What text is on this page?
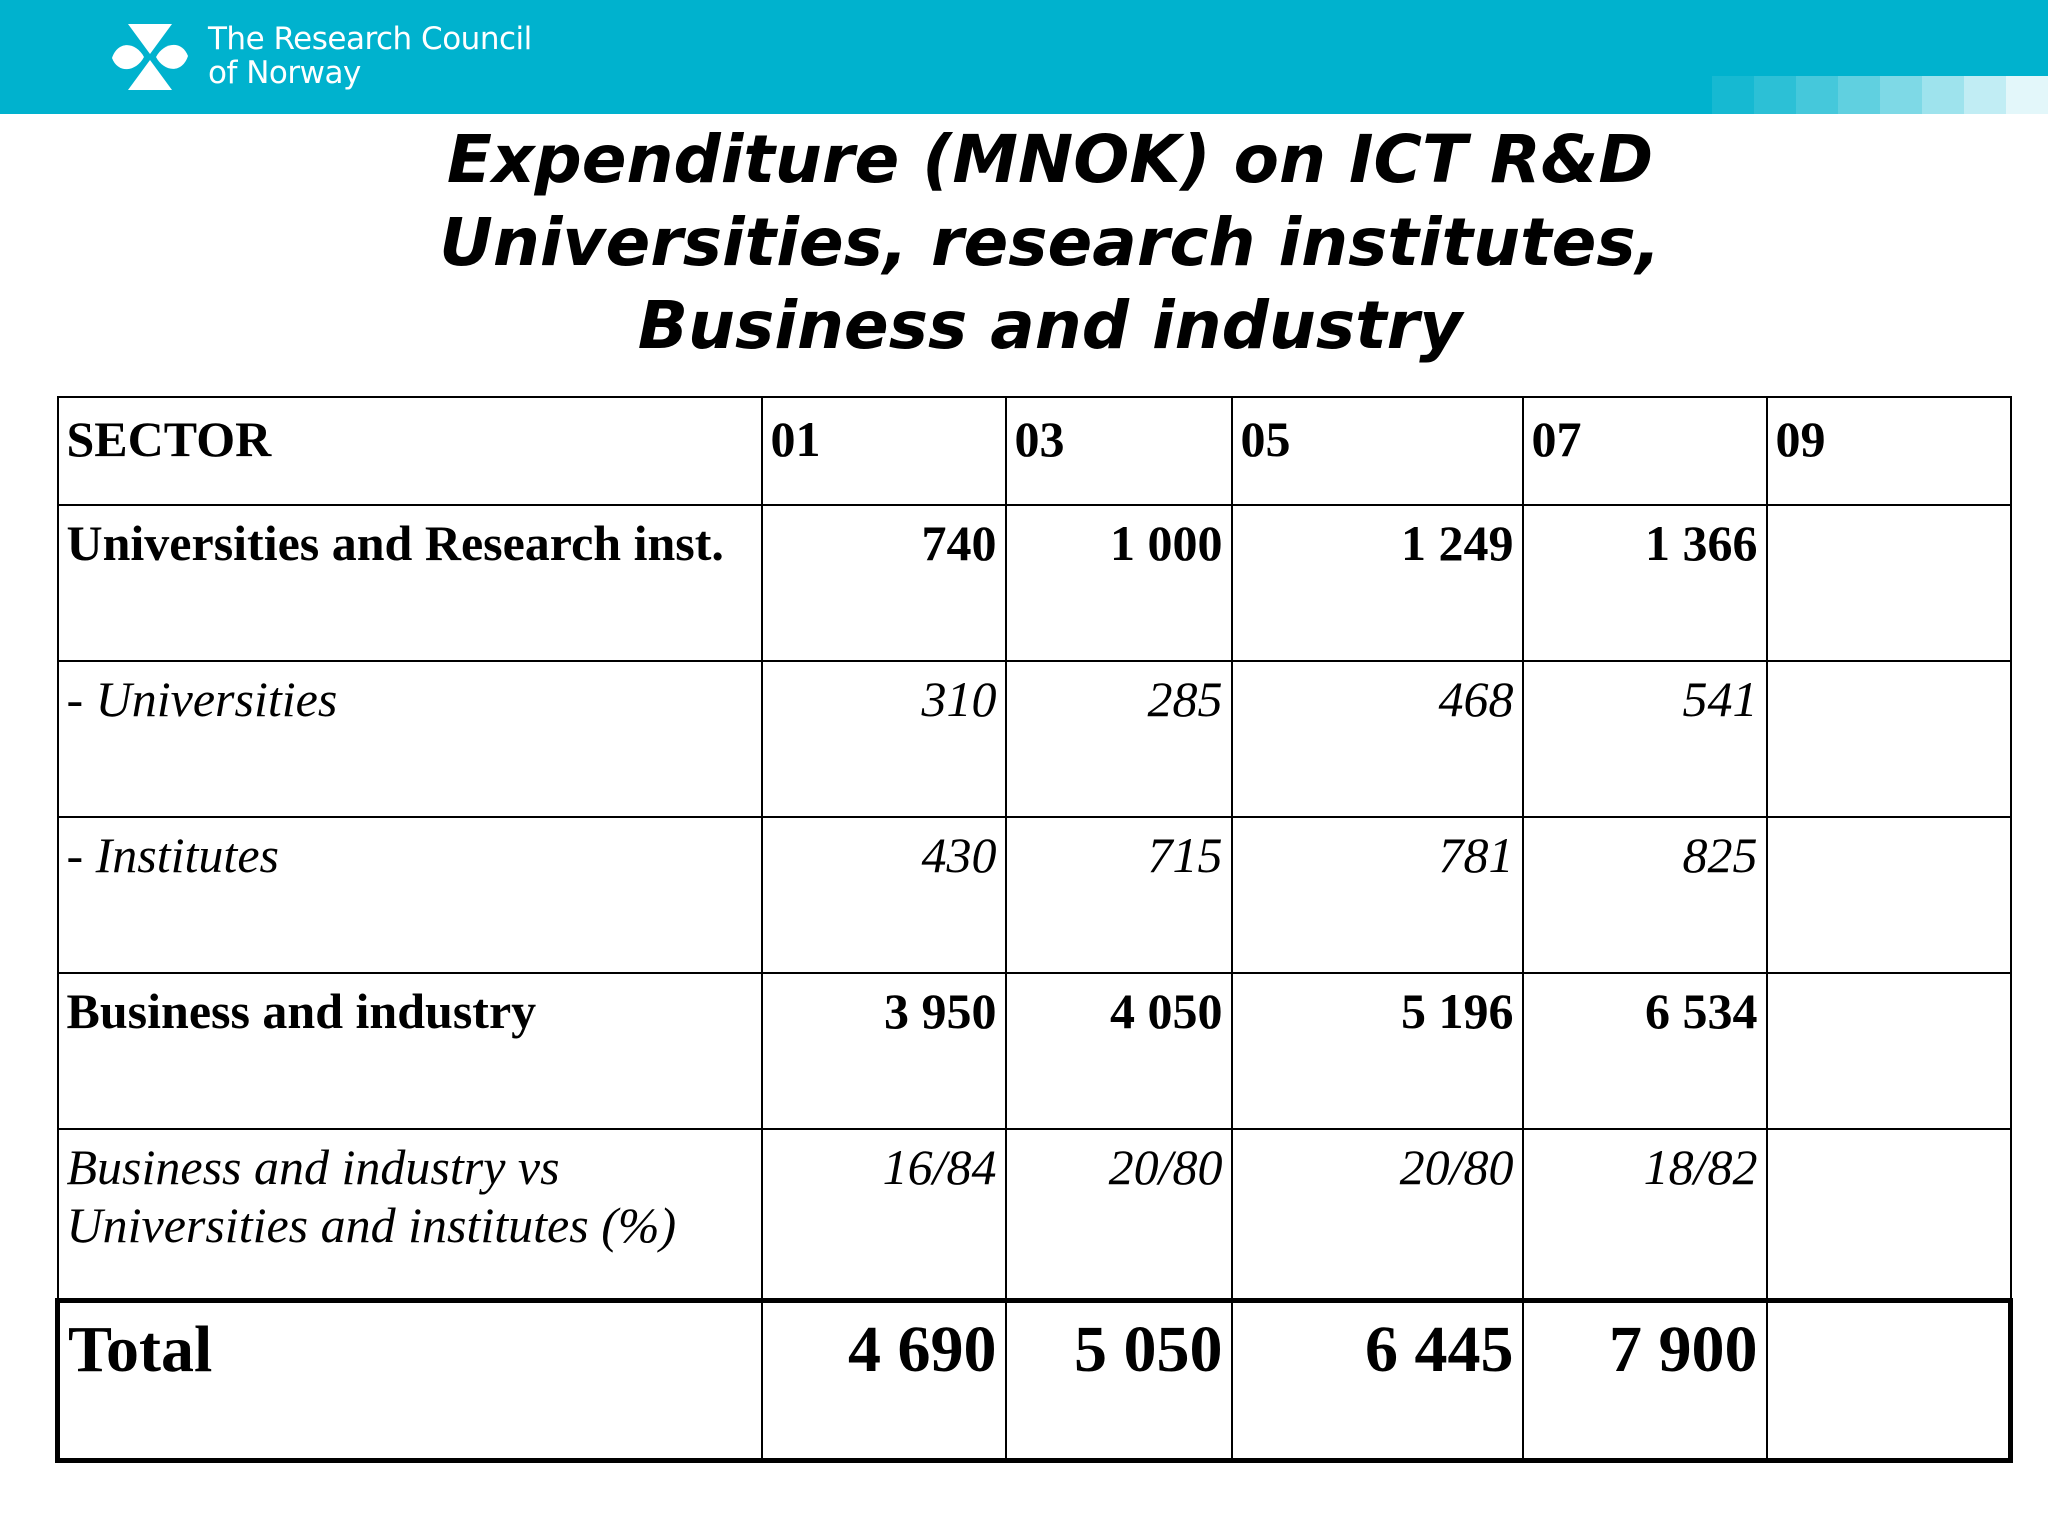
The Research Council
of Norway
Expenditure (MNOK) on ICT R&D
Universities, research institutes,
Business and industry
SECTOR	01	03	05	07	09
Universities and Research inst.	740	1 000	1 249	1 366	
- Universities	310	285	468	541	
- Institutes	430	715	781	825	
Business and industry	3 950	4 050	5 196	6 534	

Business and industry vs
Universities and institutes (%)	16/84	20/80	20/80	18/82	
Total	4 690	5 050	6 445	7 900	
